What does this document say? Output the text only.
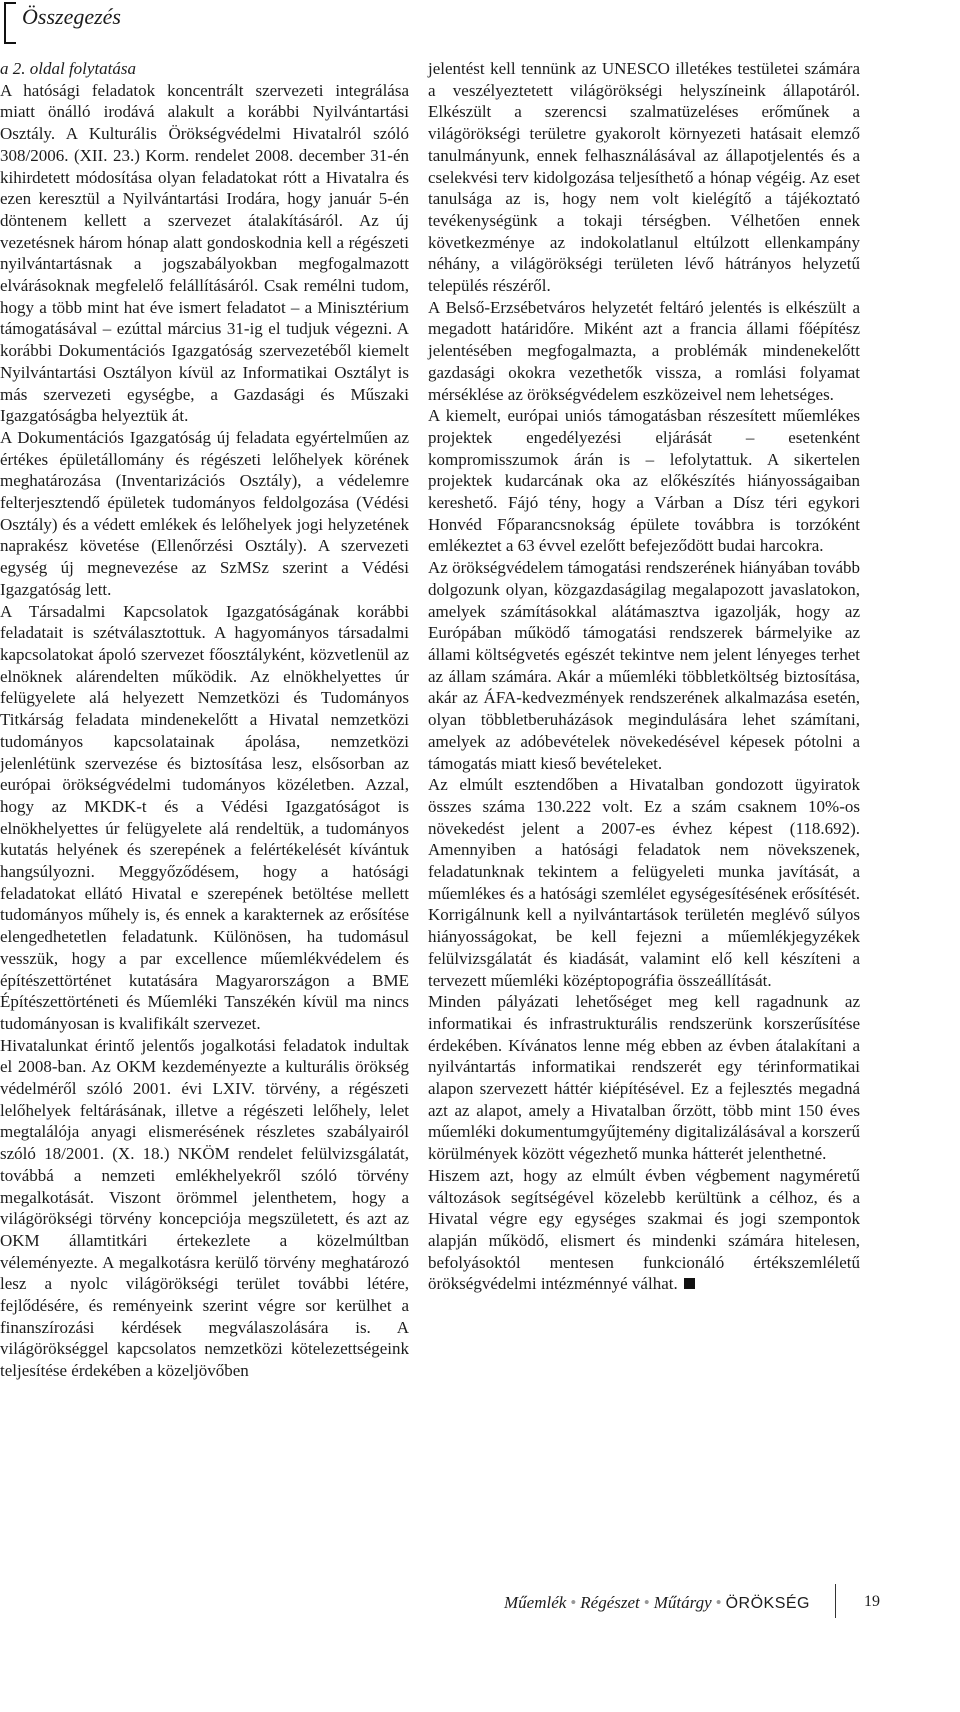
Összegezés

a 2. oldal folytatása

A hatósági feladatok koncentrált szervezeti integrálása miatt önálló irodává alakult a korábbi Nyilvántartási Osztály. A Kulturális Örökségvédelmi Hivatalról szóló 308/2006. (XII. 23.) Korm. rendelet 2008. december 31-én kihirdetett módosítása olyan feladatokat rótt a Hivatalra és ezen keresztül a Nyilvántartási Irodára, hogy január 5-én döntenem kellett a szervezet átalakításáról. Az új vezetésnek három hónap alatt gondoskodnia kell a régészeti nyilvántartásnak a jogszabályokban megfogalmazott elvárásoknak megfelelő felállításáról. Csak remélni tudom, hogy a több mint hat éve ismert feladatot – a Minisztérium támogatásával – ezúttal március 31-ig el tudjuk végezni. A korábbi Dokumentációs Igazgatóság szervezetéből kiemelt Nyilvántartási Osztályon kívül az Informatikai Osztályt is más szervezeti egységbe, a Gazdasági és Műszaki Igazgatóságba helyeztük át.

A Dokumentációs Igazgatóság új feladata egyértelműen az értékes épületállomány és régészeti lelőhelyek körének meghatározása (Inventarizációs Osztály), a védelemre felterjesztendő épületek tudományos feldolgozása (Védési Osztály) és a védett emlékek és lelőhelyek jogi helyzetének naprakész követése (Ellenőrzési Osztály). A szervezeti egység új megnevezése az SzMSz szerint a Védési Igazgatóság lett.

A Társadalmi Kapcsolatok Igazgatóságának korábbi feladatait is szétválasztottuk. A hagyományos társadalmi kapcsolatokat ápoló szervezet főosztályként, közvetlenül az elnöknek alárendelten működik. Az elnökhelyettes úr felügyelete alá helyezett Nemzetközi és Tudományos Titkárság feladata mindenekelőtt a Hivatal nemzetközi tudományos kapcsolatainak ápolása, nemzetközi jelenlétünk szervezése és biztosítása lesz, elsősorban az európai örökségvédelmi tudományos közéletben. Azzal, hogy az MKDK-t és a Védési Igazgatóságot is elnökhelyettes úr felügyelete alá rendeltük, a tudományos kutatás helyének és szerepének a felértékelését kívántuk hangsúlyozni. Meggyőződésem, hogy a hatósági feladatokat ellátó Hivatal e szerepének betöltése mellett tudományos műhely is, és ennek a karakternek az erősítése elengedhetetlen feladatunk. Különösen, ha tudomásul vesszük, hogy a par excellence műemlékvédelem és építészettörténet kutatására Magyarországon a BME Építészettörténeti és Műemléki Tanszékén kívül ma nincs tudományosan is kvalifikált szervezet.

Hivatalunkat érintő jelentős jogalkotási feladatok indultak el 2008-ban. Az OKM kezdeményezte a kulturális örökség védelméről szóló 2001. évi LXIV. törvény, a régészeti lelőhelyek feltárásának, illetve a régészeti lelőhely, lelet megtalálója anyagi elismerésének részletes szabályairól szóló 18/2001. (X. 18.) NKÖM rendelet felülvizsgálatát, továbbá a nemzeti emlékhelyekről szóló törvény megalkotását. Viszont örömmel jelenthetem, hogy a világörökségi törvény koncepciója megszületett, és azt az OKM államtitkári értekezlete a közelmúltban véleményezte. A megalkotásra kerülő törvény meghatározó lesz a nyolc világörökségi terület további létére, fejlődésére, és reményeink szerint végre sor kerülhet a finanszírozási kérdések megválaszolására is. A világörökséggel kapcsolatos nemzetközi kötelezettségeink teljesítése érdekében a közeljövőben

jelentést kell tennünk az UNESCO illetékes testületei számára a veszélyeztetett világörökségi helyszíneink állapotáról. Elkészült a szerencsi szalmatüzeléses erőműnek a világörökségi területre gyakorolt környezeti hatásait elemző tanulmányunk, ennek felhasználásával az állapotjelentés és a cselekvési terv kidolgozása teljesíthető a hónap végéig. Az eset tanulsága az is, hogy nem volt kielégítő a tájékoztató tevékenységünk a tokaji térségben. Vélhetően ennek következménye az indokolatlanul eltúlzott ellenkampány néhány, a világörökségi területen lévő hátrányos helyzetű település részéről.

A Belső-Erzsébetváros helyzetét feltáró jelentés is elkészült a megadott határidőre. Miként azt a francia állami főépítész jelentésében megfogalmazta, a problémák mindenekelőtt gazdasági okokra vezethetők vissza, a romlási folyamat mérséklése az örökségvédelem eszközeivel nem lehetséges.

A kiemelt, európai uniós támogatásban részesített műemlékes projektek engedélyezési eljárását – esetenként kompromisszumok árán is – lefolytattuk. A sikertelen projektek kudarcának oka az előkészítés hiányosságaiban kereshető. Fájó tény, hogy a Várban a Dísz téri egykori Honvéd Főparancsnokság épülete továbbra is torzóként emlékeztet a 63 évvel ezelőtt befejeződött budai harcokra.

Az örökségvédelem támogatási rendszerének hiányában tovább dolgozunk olyan, közgazdaságilag megalapozott javaslatokon, amelyek számításokkal alátámasztva igazolják, hogy az Európában működő támogatási rendszerek bármelyike az állami költségvetés egészét tekintve nem jelent lényeges terhet az állam számára. Akár a műemléki többletköltség biztosítása, akár az ÁFA-kedvezmények rendszerének alkalmazása esetén, olyan többletberuházások megindulására lehet számítani, amelyek az adóbevételek növekedésével képesek pótolni a támogatás miatt kieső bevételeket.

Az elmúlt esztendőben a Hivatalban gondozott ügyiratok összes száma 130.222 volt. Ez a szám csaknem 10%-os növekedést jelent a 2007-es évhez képest (118.692). Amennyiben a hatósági feladatok nem növekszenek, feladatunknak tekintem a felügyeleti munka javítását, a műemlékes és a hatósági szemlélet egységesítésének erősítését. Korrigálnunk kell a nyilvántartások területén meglévő súlyos hiányosságokat, be kell fejezni a műemlékjegyzékek felülvizsgálatát és kiadását, valamint elő kell készíteni a tervezett műemléki középtopográfia összeállítását.

Minden pályázati lehetőséget meg kell ragadnunk az informatikai és infrastrukturális rendszerünk korszerűsítése érdekében. Kívánatos lenne még ebben az évben átalakítani a nyilvántartás informatikai rendszerét egy térinformatikai alapon szervezett háttér kiépítésével. Ez a fejlesztés megadná azt az alapot, amely a Hivatalban őrzött, több mint 150 éves műemléki dokumentumgyűjtemény digitalizálásával a korszerű körülmények között végezhető munka hátterét jelenthetné.

Hiszem azt, hogy az elmúlt évben végbement nagyméretű változások segítségével közelebb kerültünk a célhoz, és a Hivatal végre egy egységes szakmai és jogi szempontok alapján működő, elismert és mindenki számára hitelesen, befolyásoktól mentesen funkcionáló értékszemléletű örökségvédelmi intézménnyé válhat.

Műemlék • Régészet • Műtárgy • ÖRÖKSÉG	19
